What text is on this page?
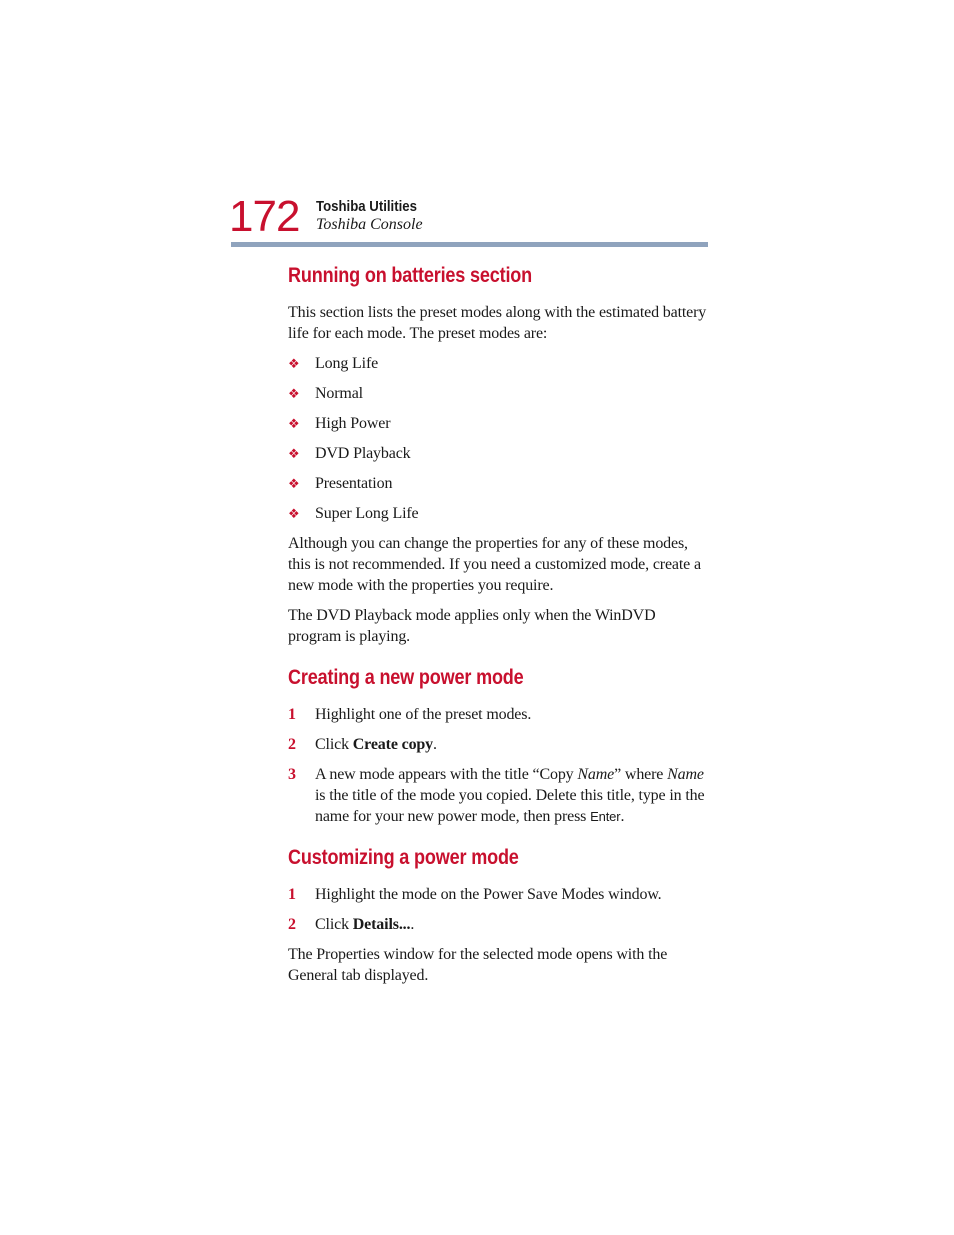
172 Toshiba Utilities
Toshiba Console
Running on batteries section

This section lists the preset modes along with the estimated battery life for each mode. The preset modes are:

❖ Long Life
❖ Normal
❖ High Power
❖ DVD Playback
❖ Presentation
❖ Super Long Life

Although you can change the properties for any of these modes, this is not recommended. If you need a customized mode, create a new mode with the properties you require.

The DVD Playback mode applies only when the WinDVD program is playing.

Creating a new power mode
1 Highlight one of the preset modes.
2 Click Create copy.
3 A new mode appears with the title “Copy Name” where Name is the title of the mode you copied. Delete this title, type in the name for your new power mode, then press Enter.
Customizing a power mode
1 Highlight the mode on the Power Save Modes window.
2 Click Details....

The Properties window for the selected mode opens with the General tab displayed.
